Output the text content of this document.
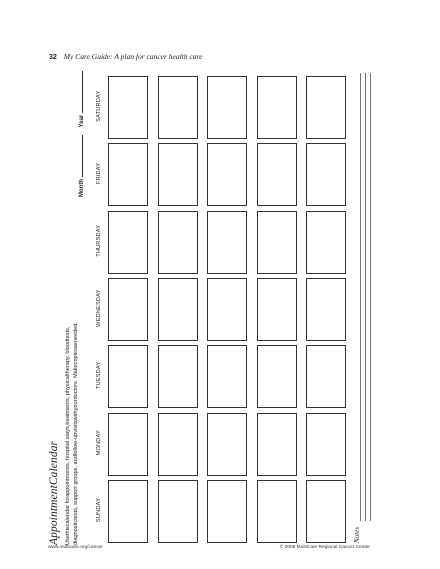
32 My Care Guide: A plan for cancer health care
AppointmentCalendar Usethiscalendar forappointments, hospital stays,treatments, physicaltherapy, bloodtests, diagnostictests, support groups, andfollow-upvisitswithyourdoctors. Makecopiesasneeded.
Month Year
Notes
SUNDAY
MONDAY
TUESDAY
WEDNESDAY
THURSDAY
FRIDAY
SATURDAY
www.multicare.org/cancer	© 2008 MultiCare Regional Cancer Center
